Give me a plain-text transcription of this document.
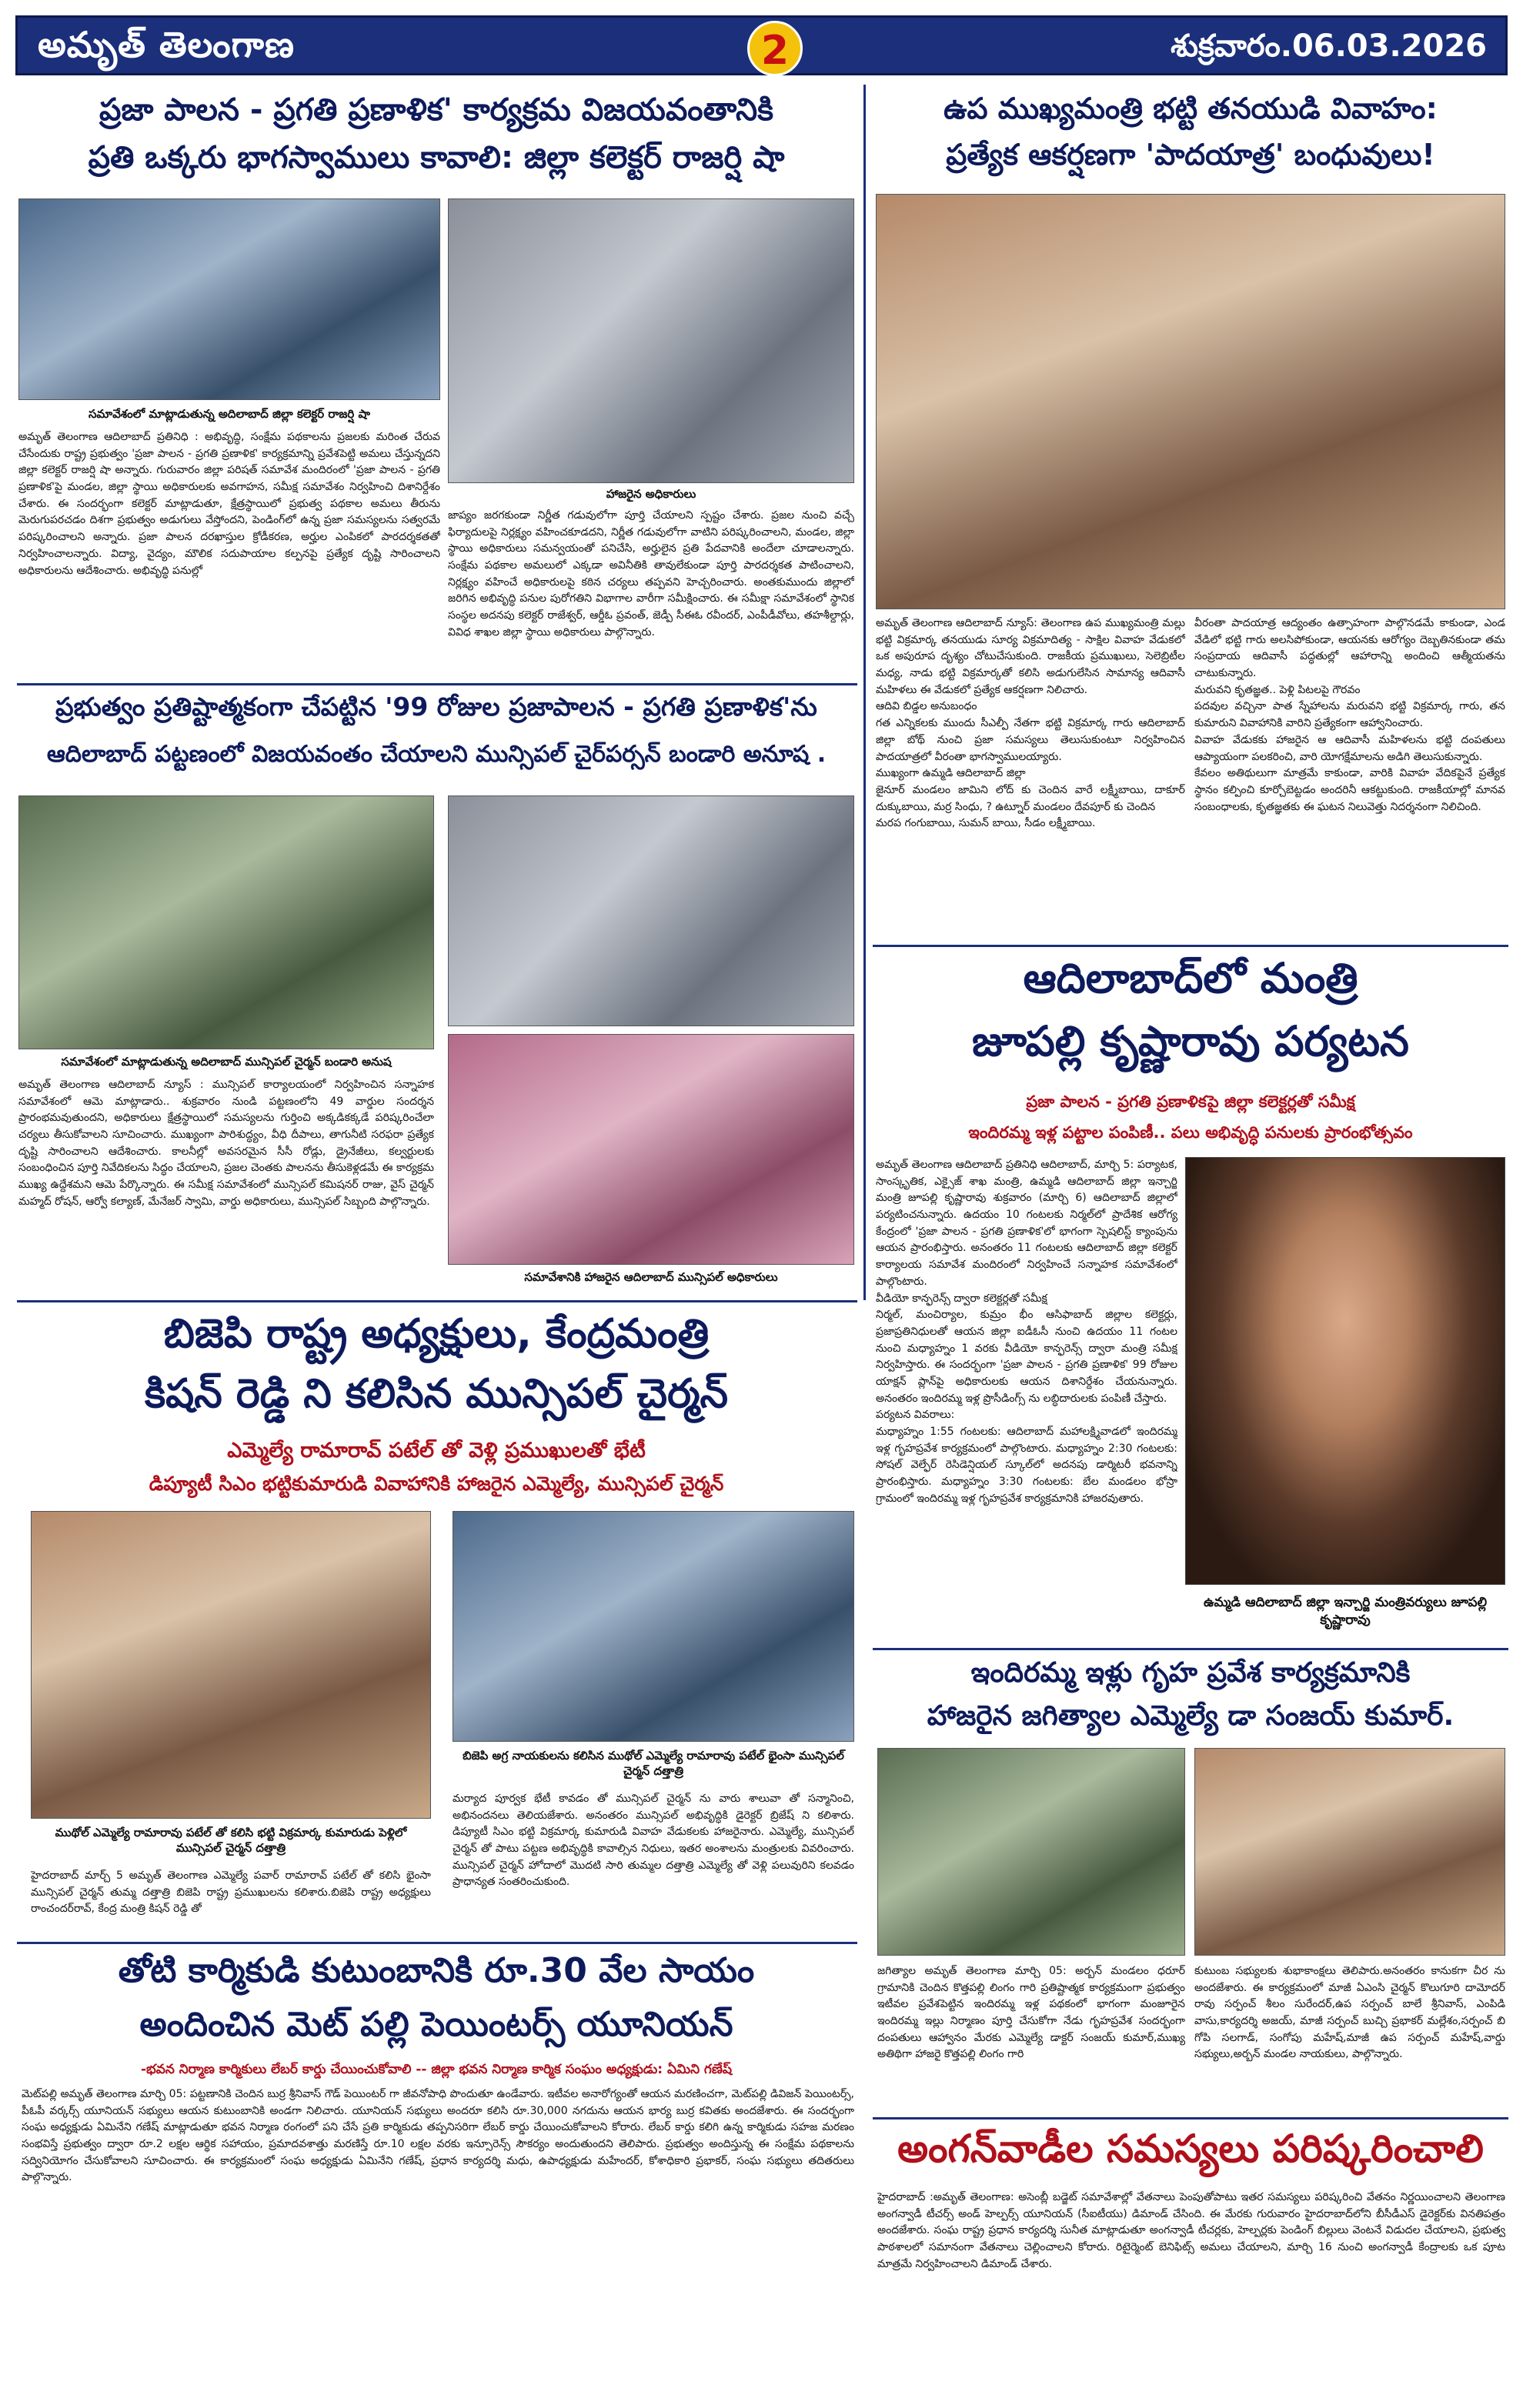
అమృత్ తెలంగాణ	2	శుక్రవారం.06.03.2026
ప్రజా పాలన - ప్రగతి ప్రణాళిక' కార్యక్రమ విజయవంతానికి
ప్రతి ఒక్కరు భాగస్వాములు కావాలి: జిల్లా కలెక్టర్ రాజర్షి షా
సమావేశంలో మాట్లాడుతున్న అదిలాబాద్ జిల్లా కలెక్టర్ రాజర్షి షా
హాజరైన అధికారులు
అమృత్ తెలంగాణ ఆదిలాబాద్ ప్రతినిధి : అభివృద్ధి, సంక్షేమ పథకాలను ప్రజలకు మరింత చేరువ చేసేందుకు రాష్ట్ర ప్రభుత్వం 'ప్రజా పాలన - ప్రగతి ప్రణాళిక' కార్యక్రమాన్ని ప్రవేశపెట్టి అమలు చేస్తున్నదని జిల్లా కలెక్టర్ రాజర్షి షా అన్నారు. గురువారం జిల్లా పరిషత్ సమావేశ మందిరంలో 'ప్రజా పాలన - ప్రగతి ప్రణాళిక'పై మండల, జిల్లా స్థాయి అధికారులకు అవగాహన, సమీక్ష సమావేశం నిర్వహించి దిశానిర్దేశం చేశారు. ఈ సందర్భంగా కలెక్టర్ మాట్లాడుతూ, క్షేత్రస్థాయిలో ప్రభుత్వ పథకాల అమలు తీరును మెరుగుపరచడం దిశగా ప్రభుత్వం అడుగులు వేస్తోందని, పెండింగ్‌లో ఉన్న ప్రజా సమస్యలను సత్వరమే పరిష్కరించాలని అన్నారు. ప్రజా పాలన దరఖాస్తుల క్రోడీకరణ, అర్హుల ఎంపికలో పారదర్శకతతో నిర్వహించాలన్నారు. విద్యా, వైద్యం, మౌలిక సదుపాయాల కల్పనపై ప్రత్యేక దృష్టి సారించాలని అధికారులను ఆదేశించారు. అభివృద్ధి పనుల్లో
జాప్యం జరగకుండా నిర్ణీత గడువులోగా పూర్తి చేయాలని స్పష్టం చేశారు. ప్రజల నుంచి వచ్చే ఫిర్యాదులపై నిర్లక్ష్యం వహించకూడదని, నిర్ణీత గడువులోగా వాటిని పరిష్కరించాలని, మండల, జిల్లా స్థాయి అధికారులు సమన్వయంతో పనిచేసి, అర్హులైన ప్రతి పేదవానికి అందేలా చూడాలన్నారు. సంక్షేమ పథకాల అమలులో ఎక్కడా అవినీతికి తావులేకుండా పూర్తి పారదర్శకత పాటించాలని, నిర్లక్ష్యం వహించే అధికారులపై కఠిన చర్యలు తప్పవని హెచ్చరించారు. అంతకుముందు జిల్లాలో జరిగిన అభివృద్ధి పనుల పురోగతిని విభాగాల వారీగా సమీక్షించారు. ఈ సమీక్షా సమావేశంలో స్థానిక సంస్థల అదనపు కలెక్టర్ రాజేశ్వర్, ఆర్డీఓ ప్రవంత్, జెడ్పీ సీఈఓ రవీందర్, ఎంపీడీవోలు, తహశీల్దార్లు, వివిధ శాఖల జిల్లా స్థాయి అధికారులు పాల్గొన్నారు.
ఉప ముఖ్యమంత్రి భట్టి తనయుడి వివాహం:
ప్రత్యేక ఆకర్షణగా 'పాదయాత్ర' బంధువులు!
అమృత్ తెలంగాణ ఆదిలాబాద్ న్యూస్: తెలంగాణ ఉప ముఖ్యమంత్రి మల్లు భట్టి విక్రమార్క తనయుడు సూర్య విక్రమాదిత్య - సాక్షిల వివాహ వేడుకలో ఒక అపురూప దృశ్యం చోటుచేసుకుంది. రాజకీయ ప్రముఖులు, సెలెబ్రిటీల మధ్య, నాడు భట్టి విక్రమార్కతో కలిసి అడుగులేసిన సామాన్య ఆదివాసీ మహిళలు ఈ వేడుకలో ప్రత్యేక ఆకర్షణగా నిలిచారు.
ఆదివి బిడ్డల అనుబంధం
గత ఎన్నికలకు ముందు సీఎల్పీ నేతగా భట్టి విక్రమార్క గారు ఆదిలాబాద్ జిల్లా బోథ్ నుంచి ప్రజా సమస్యలు తెలుసుకుంటూ నిర్వహించిన పాదయాత్రలో వీరంతా భాగస్వాములయ్యారు.
ముఖ్యంగా ఉమ్మడి ఆదిలాబాద్ జిల్లా
జైనూర్ మండలం జామిని లోద్ కు చెందిన వారే లక్ష్మీబాయి, దాకూర్ దుక్కుబాయి, మర్ర సింధు, ? ఉట్నూర్ మండలం దేవపూర్ కు చెందిన
మరప గంగుబాయి, సుమన్ బాయి, సీడం లక్ష్మీబాయి.
వీరంతా పాదయాత్ర ఆద్యంతం ఉత్సాహంగా పాల్గొనడమే కాకుండా, ఎండ వేడిలో భట్టి గారు అలసిపోకుండా, ఆయనకు ఆరోగ్యం దెబ్బతినకుండా తమ సంప్రదాయ ఆదివాసీ పద్ధతుల్లో ఆహారాన్ని అందించి ఆత్మీయతను చాటుకున్నారు.
మరువని కృతజ్ఞత.. పెళ్లి పిటలపై గౌరవం
పదవుల వచ్చినా పాత స్నేహాలను మరువని భట్టి విక్రమార్క గారు, తన కుమారుని వివాహానికి వారిని ప్రత్యేకంగా ఆహ్వానించారు.
వివాహ వేడుకకు హాజరైన ఆ ఆదివాసీ మహిళలను భట్టి దంపతులు ఆప్యాయంగా పలకరించి, వారి యోగక్షేమాలను అడిగి తెలుసుకున్నారు.
కేవలం అతిథులుగా మాత్రమే కాకుండా, వారికి వివాహ వేదికపైనే ప్రత్యేక స్థానం కల్పించి కూర్చోబెట్టడం అందరినీ ఆకట్టుకుంది. రాజకీయాల్లో మానవ సంబంధాలకు, కృతజ్ఞతకు ఈ ఘటన నిలువెత్తు నిదర్శనంగా నిలిచింది.
ప్రభుత్వం ప్రతిష్టాత్మకంగా చేపట్టిన '99 రోజుల ప్రజాపాలన - ప్రగతి ప్రణాళిక'ను
ఆదిలాబాద్ పట్టణంలో విజయవంతం చేయాలని మున్సిపల్ చైర్‌పర్సన్ బండారి అనూష .
సమావేశంలో మాట్లాడుతున్న అదిలాబాద్ మున్సిపల్ చైర్మన్ బండారి అనుష
అమృత్ తెలంగాణ ఆదిలాబాద్ న్యూస్ : మున్సిపల్ కార్యాలయంలో నిర్వహించిన సన్నాహక సమావేశంలో ఆమె మాట్లాడారు.. శుక్రవారం నుండి పట్టణంలోని 49 వార్డుల సందర్శన ప్రారంభమవుతుందని, అధికారులు క్షేత్రస్థాయిలో సమస్యలను గుర్తించి అక్కడికక్కడే పరిష్కరించేలా చర్యలు తీసుకోవాలని సూచించారు. ముఖ్యంగా పారిశుద్ధ్యం, వీధి దీపాలు, తాగునీటి సరఫరా ప్రత్యేక దృష్టి సారించాలని ఆదేశించారు. కాలనీల్లో అవసరమైన సీసీ రోడ్లు, డ్రైనేజీలు, కల్వర్టులకు సంబంధించిన పూర్తి నివేదికలను సిద్ధం చేయాలని, ప్రజల చెంతకు పాలనను తీసుకెళ్లడమే ఈ కార్యక్రమ ముఖ్య ఉద్దేశమని ఆమె పేర్కొన్నారు. ఈ సమీక్ష సమావేశంలో మున్సిపల్ కమిషనర్ రాజు, వైస్ చైర్మన్ మహ్మద్ రోషన్, ఆర్వో కల్యాణ్, మేనేజర్ స్వామి, వార్డు అధికారులు, మున్సిపల్ సిబ్బంది పాల్గొన్నారు.
సమావేశానికి హాజరైన ఆదిలాబాద్ మున్సిపల్ అధికారులు
ఆదిలాబాద్‌లో మంత్రి
జూపల్లి కృష్ణారావు పర్యటన
ప్రజా పాలన - ప్రగతి ప్రణాళికపై జిల్లా కలెక్టర్లతో సమీక్ష
ఇందిరమ్మ ఇళ్ల పట్టాల పంపిణీ.. పలు అభివృద్ధి పనులకు ప్రారంభోత్సవం
అమృత్ తెలంగాణ ఆదిలాబాద్ ప్రతినిధి ఆదిలాబాద్, మార్చి 5: పర్యాటక, సాంస్కృతిక, ఎక్సైజ్ శాఖ మంత్రి, ఉమ్మడి ఆదిలాబాద్ జిల్లా ఇన్చార్జి మంత్రి జూపల్లి కృష్ణారావు శుక్రవారం (మార్చి 6) ఆదిలాబాద్ జిల్లాలో పర్యటించనున్నారు. ఉదయం 10 గంటలకు నిర్మల్‌లో ప్రాదేశిక ఆరోగ్య కేంద్రంలో 'ప్రజా పాలన - ప్రగతి ప్రణాళిక'లో భాగంగా స్పెషలిస్ట్ క్యాంపును ఆయన ప్రారంభిస్తారు. అనంతరం 11 గంటలకు ఆదిలాబాద్ జిల్లా కలెక్టర్ కార్యాలయ సమావేశ మందిరంలో నిర్వహించే సన్నాహక సమావేశంలో పాల్గొంటారు.
వీడియో కాన్ఫరెన్స్ ద్వారా కలెక్టర్లతో సమీక్ష
నిర్మల్, మంచిర్యాల, కుమ్రం భీం ఆసిఫాబాద్ జిల్లాల కలెక్టర్లు, ప్రజాప్రతినిధులతో ఆయన జిల్లా ఐడీఓసీ నుంచి ఉదయం 11 గంటల నుంచి మధ్యాహ్నం 1 వరకు వీడియో కాన్ఫరెన్స్ ద్వారా మంత్రి సమీక్ష నిర్వహిస్తారు. ఈ సందర్భంగా 'ప్రజా పాలన - ప్రగతి ప్రణాళిక' 99 రోజుల యాక్షన్ ప్లాన్‌పై అధికారులకు ఆయన దిశానిర్దేశం చేయనున్నారు. అనంతరం ఇందిరమ్మ ఇళ్ల ప్రొసీడింగ్స్ ను లబ్ధిదారులకు పంపిణీ చేస్తారు.
పర్యటన వివరాలు:
మధ్యాహ్నం 1:55 గంటలకు: ఆదిలాబాద్ మహాలక్ష్మివాడలో ఇందిరమ్మ ఇళ్ల గృహప్రవేశ కార్యక్రమంలో పాల్గొంటారు. మధ్యాహ్నం 2:30 గంటలకు: సోషల్ వెల్ఫేర్ రెసిడెన్షియల్ స్కూల్‌లో అదనపు డార్మిటరీ భవనాన్ని ప్రారంభిస్తారు. మధ్యాహ్నం 3:30 గంటలకు: బేల మండలం భోస్రా గ్రామంలో ఇందిరమ్మ ఇళ్ల గృహప్రవేశ కార్యక్రమానికి హాజరవుతారు.
ఉమ్మడి ఆదిలాబాద్ జిల్లా ఇన్చార్జి మంత్రివర్యులు జూపల్లి కృష్ణారావు
బిజెపి రాష్ట్ర అధ్యక్షులు, కేంద్రమంత్రి
కిషన్ రెడ్డి ని కలిసిన మున్సిపల్ చైర్మన్
ఎమ్మెల్యే రామారావ్ పటేల్ తో వెళ్లి ప్రముఖులతో భేటీ
డిప్యూటీ సిఎం భట్టికుమారుడి వివాహానికి హాజరైన ఎమ్మెల్యే, మున్సిపల్ చైర్మన్
బిజెపి అగ్ర నాయకులను కలిసిన ముథోల్ ఎమ్మెల్యే రామారావు పటేల్ భైంసా మున్సిపల్ చైర్మన్ దత్తాత్రి
ముథోల్ ఎమ్మెల్యే రామారావు పటేల్ తో కలిసి భట్టి విక్రమార్క కుమారుడు పెళ్లిలో మున్సిపల్ చైర్మన్ దత్తాత్రి
హైదరాబాద్ మార్చ్ 5 అమృత్ తెలంగాణ ఎమ్మెల్యే పవార్ రామారావ్ పటేల్ తో కలిసి భైంసా మున్సిపల్ చైర్మన్ తుమ్మ దత్తాత్రి బిజెపి రాష్ట్ర ప్రముఖులను కలిశారు.బిజెపి రాష్ట్ర అధ్యక్షులు రాంచందర్‌రావ్, కేంద్ర మంత్రి కిషన్ రెడ్డి తో
మర్యాద పూర్వక భేటీ కావడం తో మున్సిపల్ చైర్మన్ ను వారు శాలువా తో సన్మానించి, అభినందనలు తెలియజేశారు. అనంతరం మున్సిపల్ అభివృద్ధికి డైరెక్టర్ బ్రిజేష్ ని కలిశారు. డిప్యూటీ సిఎం భట్టి విక్రమార్క కుమారుడి వివాహ వేడుకలకు హాజరైనారు. ఎమ్మెల్యే, మున్సిపల్ చైర్మన్ తో పాటు పట్టణ అభివృద్ధికి కావాల్సిన నిధులు, ఇతర అంశాలను మంత్రులకు వివరించారు. మున్సిపల్ చైర్మన్ హోదాలో మొదటి సారి తుమ్మల దత్తాత్రి ఎమ్మెల్యే తో వెళ్లి పలువురిని కలవడం ప్రాధాన్యత సంతరించుకుంది.
ఇందిరమ్మ ఇళ్లు గృహ ప్రవేశ కార్యక్రమానికి
హాజరైన జగిత్యాల ఎమ్మెల్యే డా సంజయ్ కుమార్.
జగిత్యాల అమృత్ తెలంగాణ మార్చి 05: అర్బన్ మండలం ధరూర్ గ్రామానికి చెందిన కొత్తపల్లి లింగం గారి ప్రతిష్టాత్మక కార్యక్రమంగా ప్రభుత్వం ఇటీవల ప్రవేశపెట్టిన ఇందిరమ్మ ఇళ్ల పథకంలో భాగంగా మంజూరైన ఇందిరమ్మ ఇల్లు నిర్మాణం పూర్తి చేసుకోగా నేడు గృహప్రవేశ సందర్భంగా దంపతులు ఆహ్వానం మేరకు ఎమ్మెల్యే డాక్టర్ సంజయ్ కుమార్,ముఖ్య అతిథిగా హాజరై కొత్తపల్లి లింగం గారి
కుటుంబ సభ్యులకు శుభాకాంక్షలు తెలిపారు.అనంతరం కానుకగా చీర ను అందజేశారు. ఈ కార్యక్రమంలో మాజీ ఏఎంసి చైర్మన్ కొలుగూరి దామోదర్ రావు సర్పంచ్ శీలం సురేందర్,ఉప సర్పంచ్ బాలే శ్రీనివాస్, ఎంపిడి వాసు,కార్యదర్శి అజయ్, మాజీ సర్పంచ్ బుచ్చి ప్రభాకర్ మల్లేశం,సర్పంచ్ బి గోపి సలగాడ్, సంగోపు మహేష్,మాజీ ఉప సర్పంచ్ మహేష్,వార్డు సభ్యులు,అర్బన్ మండల నాయకులు, పాల్గొన్నారు.
తోటి కార్మికుడి కుటుంబానికి రూ.30 వేల సాయం
అందించిన మెట్ పల్లి పెయింటర్స్ యూనియన్
-భవన నిర్మాణ కార్మికులు లేబర్ కార్డు చేయించుకోవాలి -- జిల్లా భవన నిర్మాణ కార్మిక సంఘం అధ్యక్షుడు: ఏమిని గణేష్
మెట్‌పల్లి అమృత్ తెలంగాణ మార్చి 05: పట్టణానికి చెందిన బుర్ర శ్రీనివాస్ గౌడ్ పెయింటర్ గా జీవనోపాధి పొందుతూ ఉండేవారు. ఇటీవల అనారోగ్యంతో ఆయన మరణించగా, మెట్‌పల్లి డివిజన్ పెయింటర్స్, పీఓపీ వర్కర్స్ యూనియన్ సభ్యులు ఆయన కుటుంబానికి అండగా నిలిచారు. యూనియన్ సభ్యులు అందరూ కలిసి రూ.30,000 నగదును ఆయన భార్య బుర్ర కవితకు అందజేశారు. ఈ సందర్భంగా సంఘ అధ్యక్షుడు ఏమినేని గణేష్ మాట్లాడుతూ భవన నిర్మాణ రంగంలో పని చేసే ప్రతి కార్మికుడు తప్పనిసరిగా లేబర్ కార్డు చేయించుకోవాలని కోరారు. లేబర్ కార్డు కలిగి ఉన్న కార్మికుడు సహజ మరణం సంభవిస్తే ప్రభుత్వం ద్వారా రూ.2 లక్షల ఆర్థిక సహాయం, ప్రమాదవశాత్తు మరణిస్తే రూ.10 లక్షల వరకు ఇన్సూరెన్స్ సౌకర్యం అందుతుందని తెలిపారు. ప్రభుత్వం అందిస్తున్న ఈ సంక్షేమ పథకాలను సద్వినియోగం చేసుకోవాలని సూచించారు. ఈ కార్యక్రమంలో సంఘ అధ్యక్షుడు ఏమినేని గణేష్, ప్రధాన కార్యదర్శి మధు, ఉపాధ్యక్షుడు మహేందర్, కోశాధికారి ప్రభాకర్, సంఘ సభ్యులు తదితరులు పాల్గొన్నారు.
అంగన్‌వాడీల సమస్యలు పరిష్కరించాలి
హైదరాబాద్ :అమృత్ తెలంగాణ: అసెంబ్లీ బడ్జెట్ సమావేశాల్లో వేతనాలు పెంపుతోపాటు ఇతర సమస్యలు పరిష్కరించి వేతనం నిర్ణయించాలని తెలంగాణ అంగన్వాడీ టీచర్స్ అండ్ హెల్పర్స్ యూనియన్ (సీఐటీయు) డిమాండ్ చేసింది. ఈ మేరకు గురువారం హైదరాబాద్‌లోని బీసీడీఎస్ డైరెక్టర్‌కు వినతిపత్రం అందజేశారు. సంఘ రాష్ట్ర ప్రధాన కార్యదర్శి సునీత మాట్లాడుతూ అంగన్వాడీ టీచర్లకు, హెల్పర్లకు పెండింగ్ బిల్లులు వెంటనే విడుదల చేయాలని, ప్రభుత్వ పాఠశాలలో సమానంగా వేతనాలు చెల్లించాలని కోరారు. రిటైర్మెంట్ బెనిఫిట్స్ అమలు చేయాలని, మార్చి 16 నుంచి అంగన్వాడీ కేంద్రాలకు ఒక పూట మాత్రమే నిర్వహించాలని డిమాండ్ చేశారు.
